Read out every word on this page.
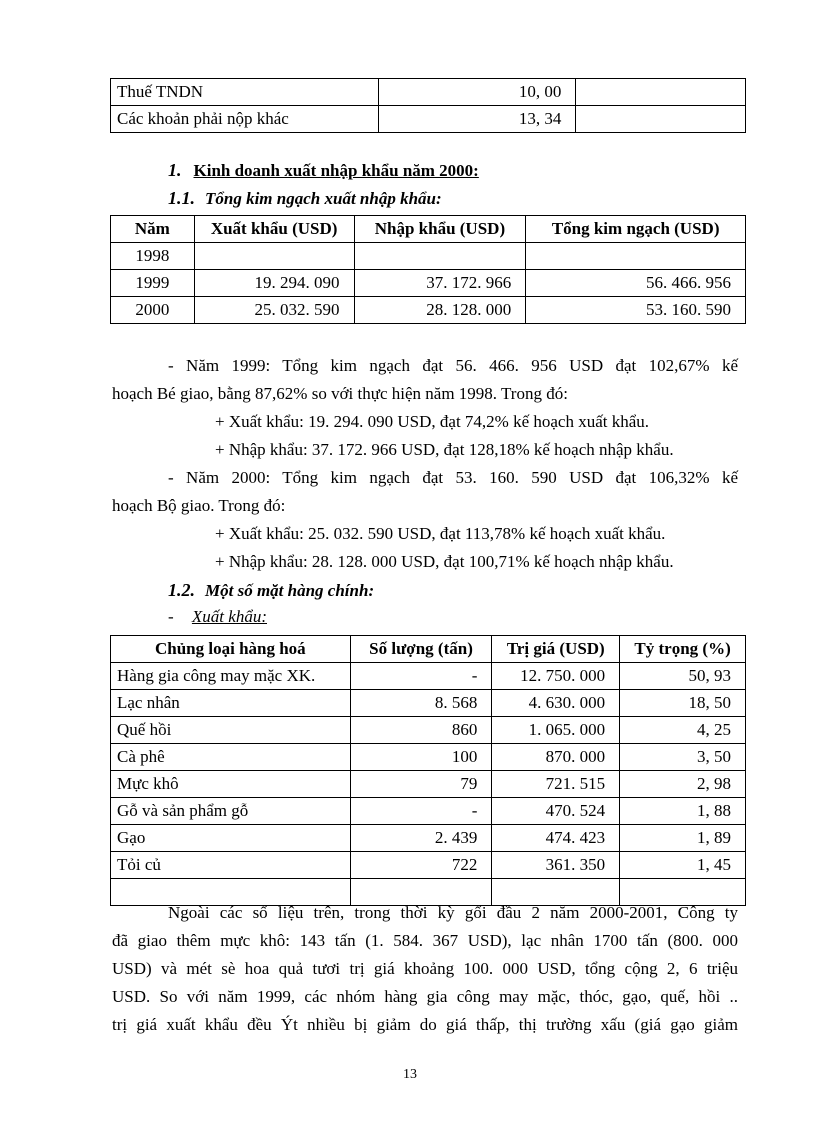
Thuế TNDN	10, 00	
Các khoản phải nộp khác	13, 34	
1. Kinh doanh xuất nhập khẩu năm 2000:
1.1. Tổng kim ngạch xuất nhập khẩu:
Năm	Xuất khẩu (USD)	Nhập khẩu (USD)	Tổng kim ngạch (USD)
1998			
1999	19. 294. 090	37. 172. 966	56. 466. 956
2000	25. 032. 590	28. 128. 000	53. 160. 590
- Năm 1999: Tổng kim ngạch đạt 56. 466. 956 USD đạt 102,67% kế
hoạch Bé giao, bằng 87,62% so với thực hiện năm 1998. Trong đó:
+ Xuất khẩu: 19. 294. 090 USD, đạt 74,2% kế hoạch xuất khẩu.
+ Nhập khẩu: 37. 172. 966 USD, đạt 128,18% kế hoạch nhập khẩu.
- Năm 2000: Tổng kim ngạch đạt 53. 160. 590 USD đạt 106,32% kế
hoạch Bộ giao. Trong đó:
+ Xuất khẩu: 25. 032. 590 USD, đạt 113,78% kế hoạch xuất khẩu.
+ Nhập khẩu: 28. 128. 000 USD, đạt 100,71% kế hoạch nhập khẩu.
1.2. Một số mặt hàng chính:
- Xuất khẩu:
Chủng loại hàng hoá	Số lượng (tấn)	Trị giá (USD)	Tỷ trọng (%)
Hàng gia công may mặc XK.	-	12. 750. 000	50, 93
Lạc nhân	8. 568	4. 630. 000	18, 50
Quế hồi	860	1. 065. 000	4, 25
Cà phê	100	870. 000	3, 50
Mực khô	79	721. 515	2, 98
Gỗ và sản phẩm gỗ	-	470. 524	1, 88
Gạo	2. 439	474. 423	1, 89
Tỏi củ	722	361. 350	1, 45

Ngoài các số liệu trên, trong thời kỳ gối đầu 2 năm 2000-2001, Công ty
đã giao thêm mực khô: 143 tấn (1. 584. 367 USD), lạc nhân 1700 tấn (800. 000
USD) và mét sè hoa quả tươi trị giá khoảng 100. 000 USD, tổng cộng 2, 6 triệu
USD. So với năm 1999, các nhóm hàng gia công may mặc, thóc, gạo, quế, hồi ..
trị giá xuất khẩu đều Ýt nhiều bị giảm do giá thấp, thị trường xấu (giá gạo giảm
13
